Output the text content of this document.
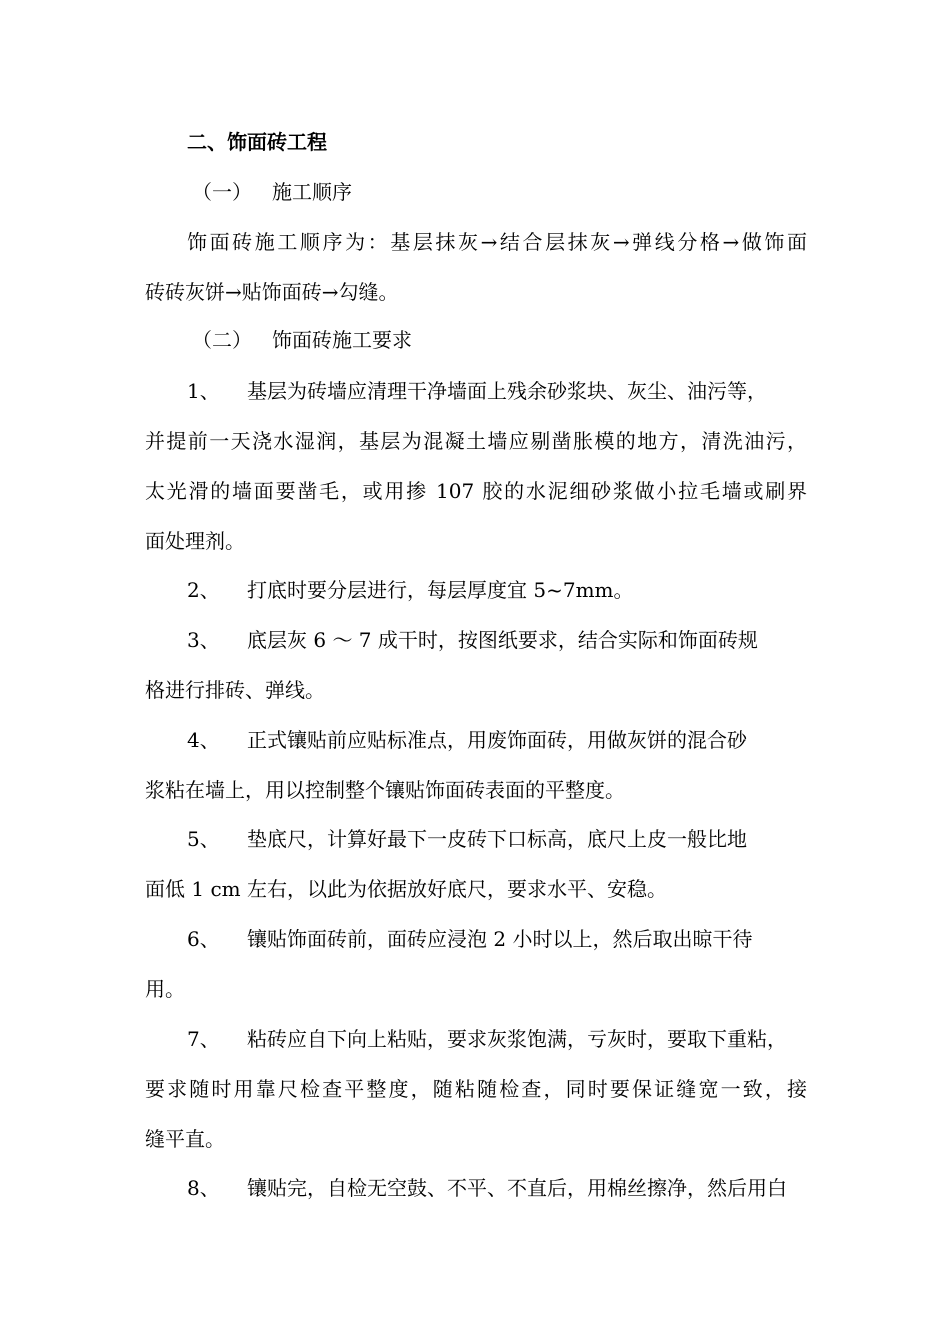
二、饰面砖工程
（一）	施工顺序
饰面砖施工顺序为：基层抹灰→结合层抹灰→弹线分格→做饰面
砖砖灰饼→贴饰面砖→勾缝。
（二）	饰面砖施工要求
1、 基层为砖墙应清理干净墙面上残余砂浆块、灰尘、油污等，
并提前一天浇水湿润，基层为混凝土墙应剔凿胀模的地方，清洗油污，
太光滑的墙面要凿毛，或用掺 107 胶的水泥细砂浆做小拉毛墙或刷界
面处理剂。
2、 打底时要分层进行，每层厚度宜 5~7mm。
3、 底层灰 6 ～ 7 成干时，按图纸要求，结合实际和饰面砖规
格进行排砖、弹线。
4、 正式镶贴前应贴标准点，用废饰面砖，用做灰饼的混合砂
浆粘在墙上，用以控制整个镶贴饰面砖表面的平整度。
5、 垫底尺，计算好最下一皮砖下口标高，底尺上皮一般比地
面低 1 cm 左右，以此为依据放好底尺，要求水平、安稳。
6、 镶贴饰面砖前，面砖应浸泡 2 小时以上，然后取出晾干待
用。
7、 粘砖应自下向上粘贴，要求灰浆饱满，亏灰时，要取下重粘，
要求随时用靠尺检查平整度，随粘随检查，同时要保证缝宽一致，接
缝平直。
8、 镶贴完，自检无空鼓、不平、不直后，用棉丝擦净，然后用白
